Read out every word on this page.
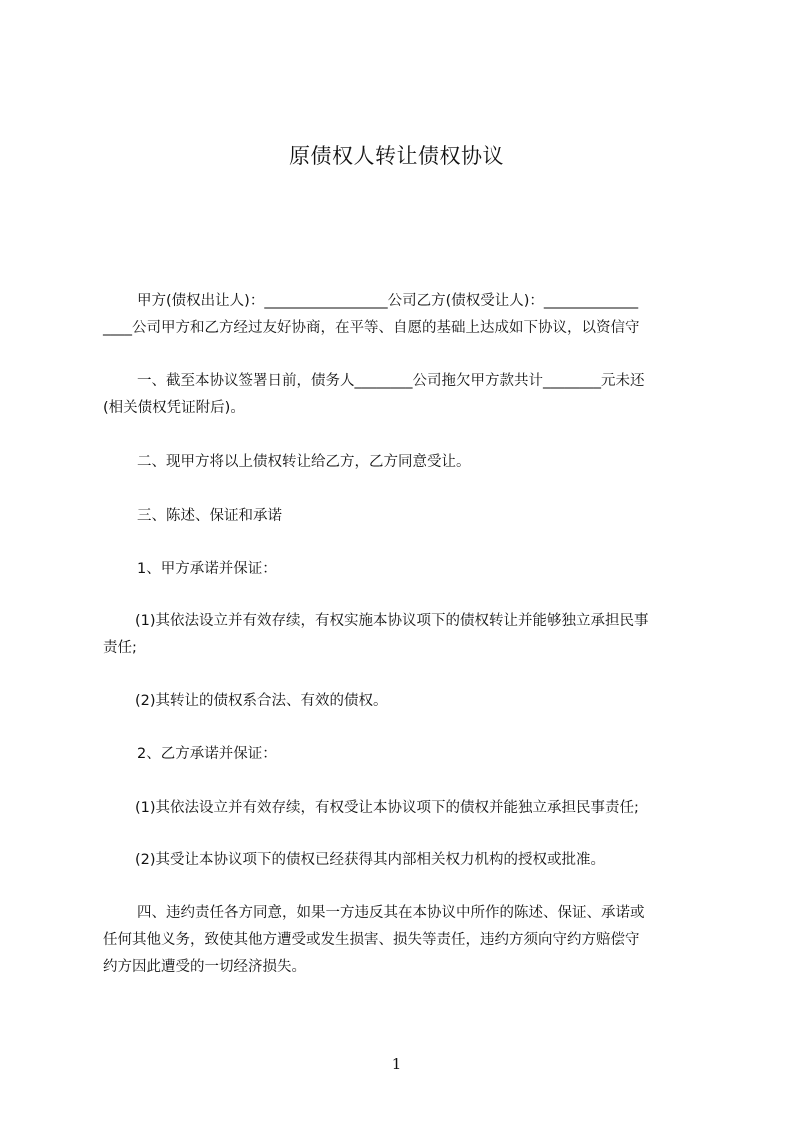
原债权人转让债权协议
甲方(债权出让人)：_________________公司乙方(债权受让人)：_____________
____公司甲方和乙方经过友好协商，在平等、自愿的基础上达成如下协议，以资信守
一、截至本协议签署日前，债务人________公司拖欠甲方款共计________元未还
(相关债权凭证附后)。
二、现甲方将以上债权转让给乙方，乙方同意受让。
三、陈述、保证和承诺
1、甲方承诺并保证：
(1)其依法设立并有效存续，有权实施本协议项下的债权转让并能够独立承担民事
责任;
(2)其转让的债权系合法、有效的债权。
2、乙方承诺并保证：
(1)其依法设立并有效存续，有权受让本协议项下的债权并能独立承担民事责任;
(2)其受让本协议项下的债权已经获得其内部相关权力机构的授权或批准。
四、违约责任各方同意，如果一方违反其在本协议中所作的陈述、保证、承诺或
任何其他义务，致使其他方遭受或发生损害、损失等责任，违约方须向守约方赔偿守
约方因此遭受的一切经济损失。
1
